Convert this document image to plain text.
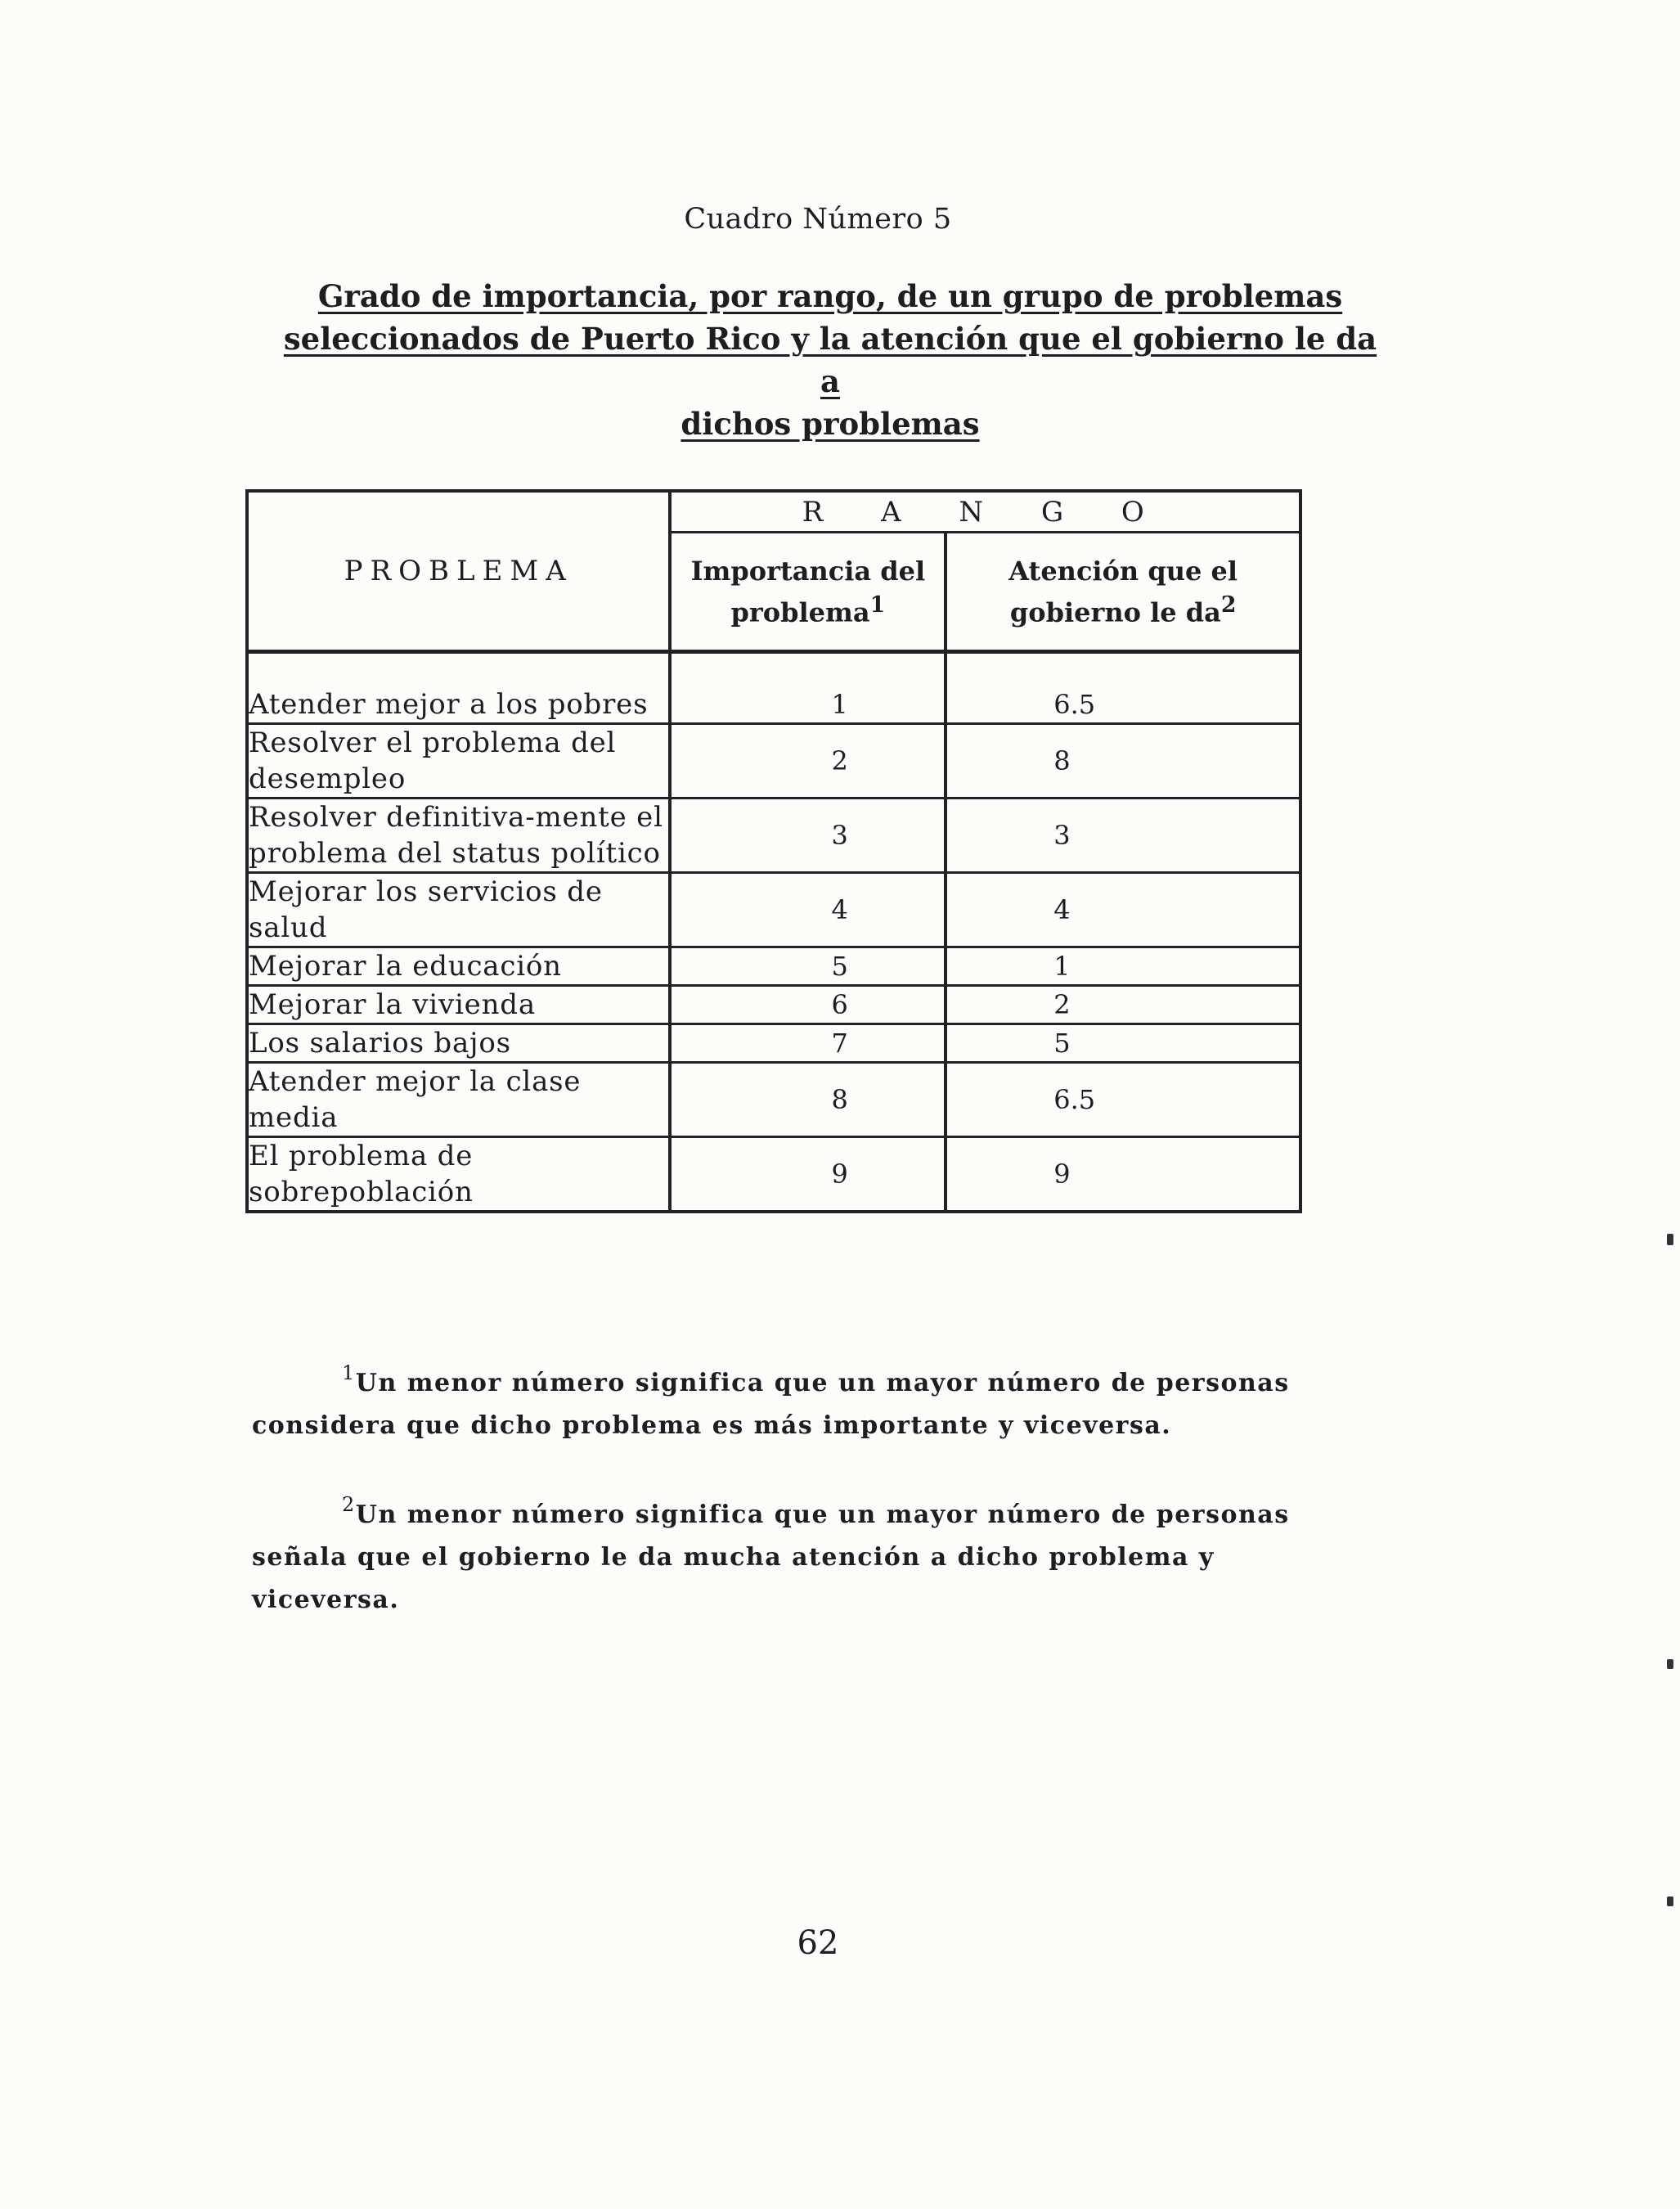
Cuadro Número 5
Grado de importancia, por rango, de un grupo de problemas
seleccionados de Puerto Rico y la atención que el gobierno le da a
dichos problemas
PROBLEMA	R A N G O	
	Importancia del problema$^1$	Atención que el gobierno le $da^2$

Atender mejor a los pobres	1	6.5
Resolver el problema del desempleo	2	8
Resolver definitiva-mente el problema del status político	3	3
Mejorar los servicios de salud	4	4
Mejorar la educación	5	1
Mejorar la vivienda	6	2
Los salarios bajos	7	5
Atender mejor la clase media	8	6.5
El problema de sobrepoblación	9	9
$^1$Un menor número significa que un mayor número de personas considera que dicho problema es más importante y viceversa.
$^2$Un menor número significa que un mayor número de personas señala que el gobierno le da mucha atención a dicho problema y viceversa.
62
